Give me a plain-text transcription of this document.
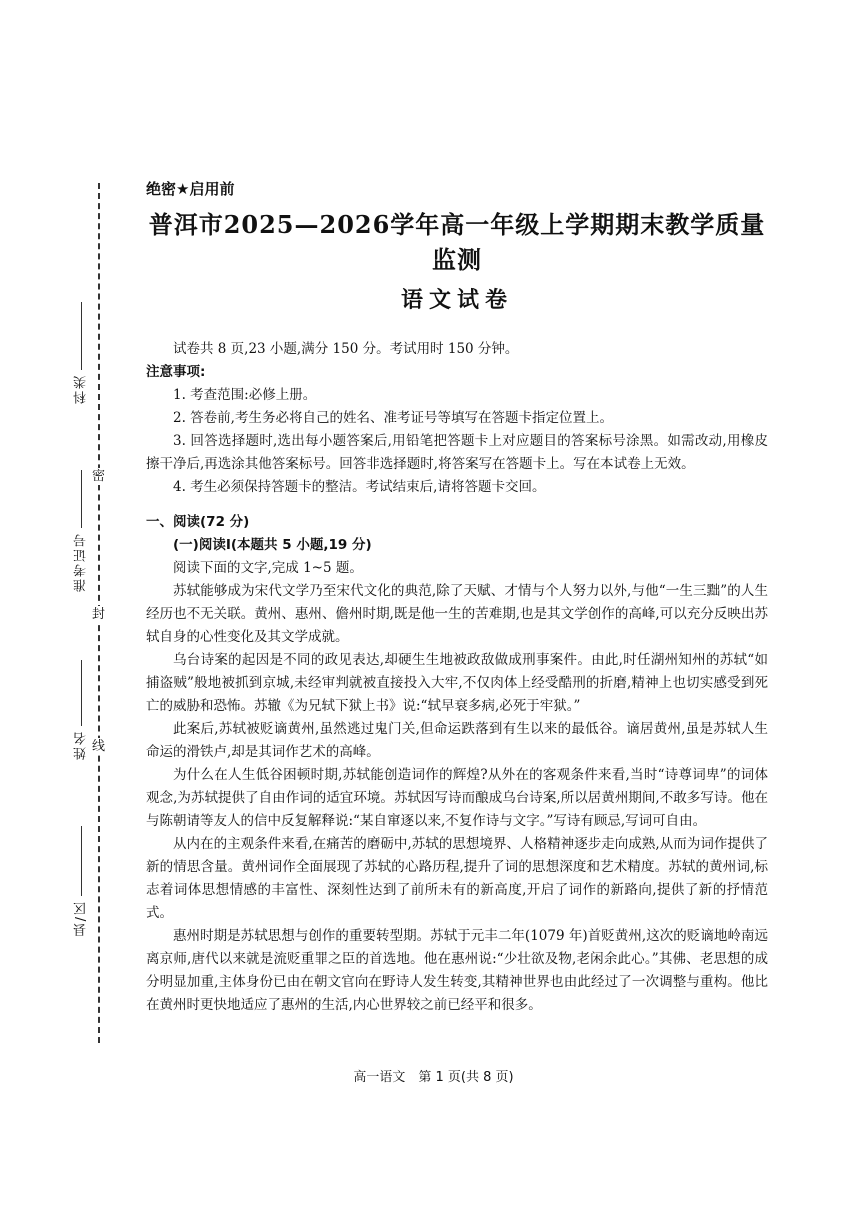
密
封
线
科类
准考证号
姓名
县/区
绝密★启用前
普洱市2025—2026学年高一年级上学期期末教学质量监测
语文试卷
试卷共 8 页,23 小题,满分 150 分。考试用时 150 分钟。
注意事项:
1. 考查范围:必修上册。
2. 答卷前,考生务必将自己的姓名、准考证号等填写在答题卡指定位置上。
3. 回答选择题时,选出每小题答案后,用铅笔把答题卡上对应题目的答案标号涂黑。如需改动,用橡皮擦干净后,再选涂其他答案标号。回答非选择题时,将答案写在答题卡上。写在本试卷上无效。
4. 考生必须保持答题卡的整洁。考试结束后,请将答题卡交回。
一、阅读(72 分)
(一)阅读Ⅰ(本题共 5 小题,19 分)
阅读下面的文字,完成 1~5 题。
苏轼能够成为宋代文学乃至宋代文化的典范,除了天赋、才情与个人努力以外,与他“一生三黜”的人生经历也不无关联。黄州、惠州、儋州时期,既是他一生的苦难期,也是其文学创作的高峰,可以充分反映出苏轼自身的心性变化及其文学成就。
乌台诗案的起因是不同的政见表达,却硬生生地被政敌做成刑事案件。由此,时任湖州知州的苏轼“如捕盗贼”般地被抓到京城,未经审判就被直接投入大牢,不仅肉体上经受酷刑的折磨,精神上也切实感受到死亡的威胁和恐怖。苏辙《为兄轼下狱上书》说:“轼早衰多病,必死于牢狱。”
此案后,苏轼被贬谪黄州,虽然逃过鬼门关,但命运跌落到有生以来的最低谷。谪居黄州,虽是苏轼人生命运的滑铁卢,却是其词作艺术的高峰。
为什么在人生低谷困顿时期,苏轼能创造词作的辉煌?从外在的客观条件来看,当时“诗尊词卑”的词体观念,为苏轼提供了自由作词的适宜环境。苏轼因写诗而酿成乌台诗案,所以居黄州期间,不敢多写诗。他在与陈朝请等友人的信中反复解释说:“某自窜逐以来,不复作诗与文字。”写诗有顾忌,写词可自由。
从内在的主观条件来看,在痛苦的磨砺中,苏轼的思想境界、人格精神逐步走向成熟,从而为词作提供了新的情思含量。黄州词作全面展现了苏轼的心路历程,提升了词的思想深度和艺术精度。苏轼的黄州词,标志着词体思想情感的丰富性、深刻性达到了前所未有的新高度,开启了词作的新路向,提供了新的抒情范式。
惠州时期是苏轼思想与创作的重要转型期。苏轼于元丰二年(1079 年)首贬黄州,这次的贬谪地岭南远离京师,唐代以来就是流贬重罪之臣的首选地。他在惠州说:“少壮欲及物,老闲余此心。”其佛、老思想的成分明显加重,主体身份已由在朝文官向在野诗人发生转变,其精神世界也由此经过了一次调整与重构。他比在黄州时更快地适应了惠州的生活,内心世界较之前已经平和很多。
高一语文　第 1 页(共 8 页)
